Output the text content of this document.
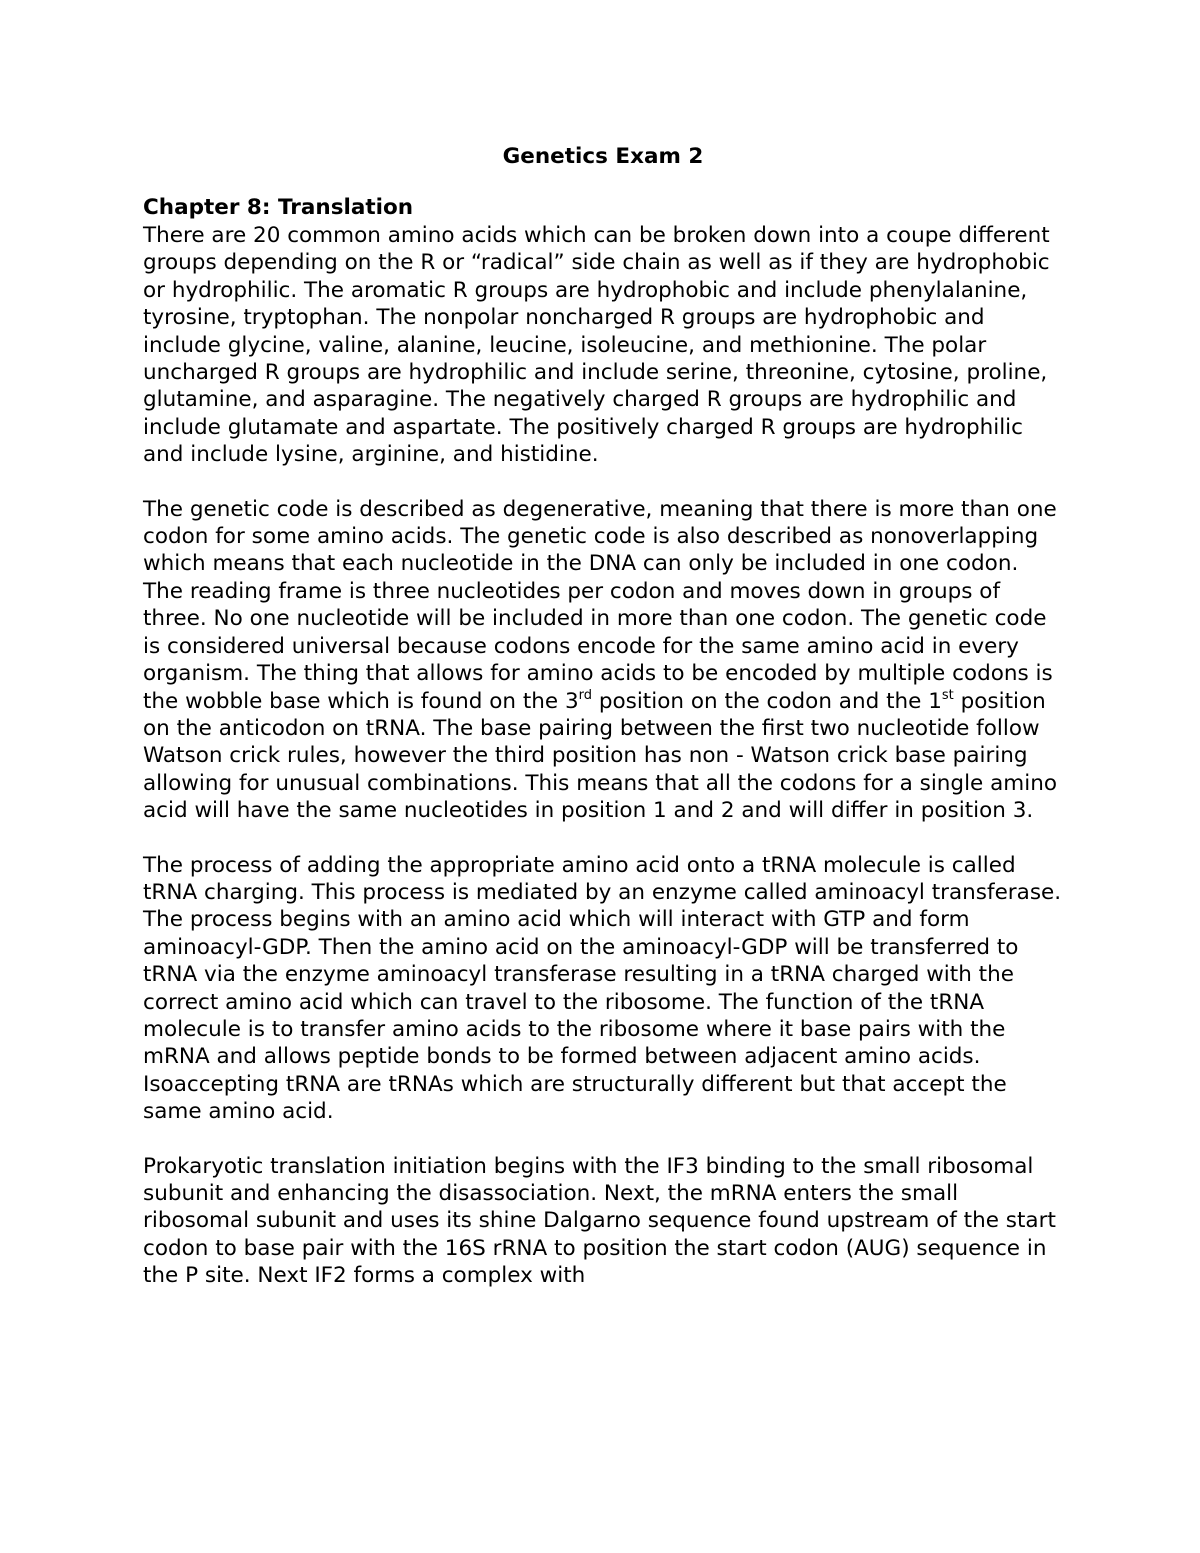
Genetics Exam 2
Chapter 8: Translation

There are 20 common amino acids which can be broken down into a coupe different groups depending on the R or “radical” side chain as well as if they are hydrophobic or hydrophilic. The aromatic R groups are hydrophobic and include phenylalanine, tyrosine, tryptophan. The nonpolar noncharged R groups are hydrophobic and include glycine, valine, alanine, leucine, isoleucine, and methionine. The polar uncharged R groups are hydrophilic and include serine, threonine, cytosine, proline, glutamine, and asparagine. The negatively charged R groups are hydrophilic and include glutamate and aspartate. The positively charged R groups are hydrophilic and include lysine, arginine, and histidine.

The genetic code is described as degenerative, meaning that there is more than one codon for some amino acids. The genetic code is also described as nonoverlapping which means that each nucleotide in the DNA can only be included in one codon. The reading frame is three nucleotides per codon and moves down in groups of three. No one nucleotide will be included in more than one codon. The genetic code is considered universal because codons encode for the same amino acid in every organism. The thing that allows for amino acids to be encoded by multiple codons is the wobble base which is found on the 3rd position on the codon and the 1st position on the anticodon on tRNA. The base pairing between the first two nucleotide follow Watson crick rules, however the third position has non - Watson crick base pairing allowing for unusual combinations. This means that all the codons for a single amino acid will have the same nucleotides in position 1 and 2 and will differ in position 3.

The process of adding the appropriate amino acid onto a tRNA molecule is called tRNA charging. This process is mediated by an enzyme called aminoacyl transferase. The process begins with an amino acid which will interact with GTP and form aminoacyl-GDP. Then the amino acid on the aminoacyl-GDP will be transferred to tRNA via the enzyme aminoacyl transferase resulting in a tRNA charged with the correct amino acid which can travel to the ribosome. The function of the tRNA molecule is to transfer amino acids to the ribosome where it base pairs with the mRNA and allows peptide bonds to be formed between adjacent amino acids. Isoaccepting tRNA are tRNAs which are structurally different but that accept the same amino acid.

Prokaryotic translation initiation begins with the IF3 binding to the small ribosomal subunit and enhancing the disassociation. Next, the mRNA enters the small ribosomal subunit and uses its shine Dalgarno sequence found upstream of the start codon to base pair with the 16S rRNA to position the start codon (AUG) sequence in the P site. Next IF2 forms a complex with
